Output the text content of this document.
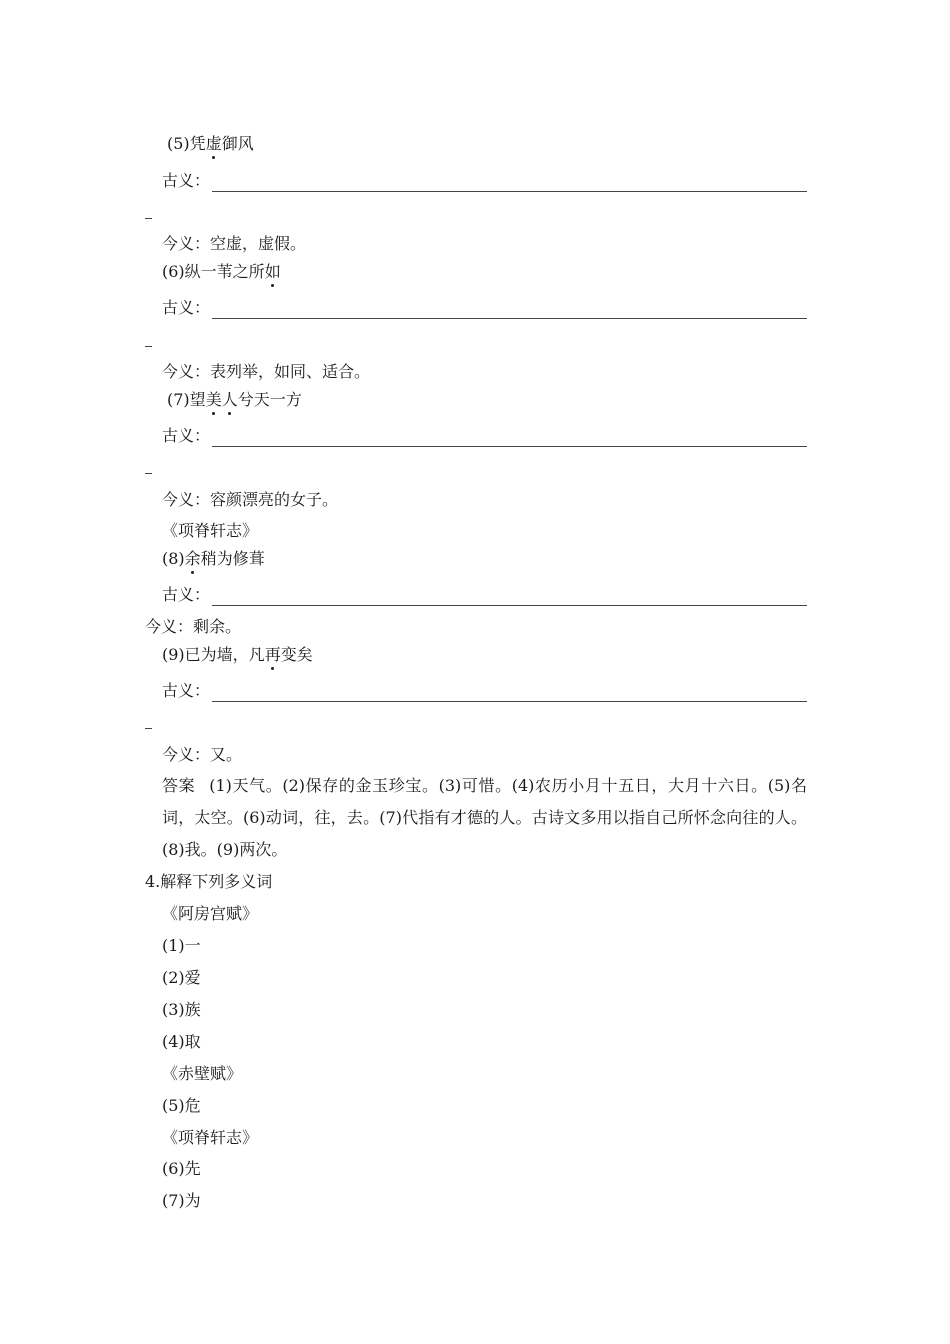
(5)凭虚御风
古义：
今义：空虚，虚假。
(6)纵一苇之所如
古义：
今义：表列举，如同、适合。
(7)望美人兮天一方
古义：
今义：容颜漂亮的女子。
《项脊轩志》
(8)余稍为修葺
古义：
今义：剩余。
(9)已为墙，凡再变矣
古义：
今义：又。
答案 (1)天气。(2)保存的金玉珍宝。(3)可惜。(4)农历小月十五日，大月十六日。(5)名词，太空。(6)动词，往，去。(7)代指有才德的人。古诗文多用以指自己所怀念向往的人。(8)我。(9)两次。
4.解释下列多义词
《阿房宫赋》
(1)一
(2)爱
(3)族
(4)取
《赤壁赋》
(5)危
《项脊轩志》
(6)先
(7)为
